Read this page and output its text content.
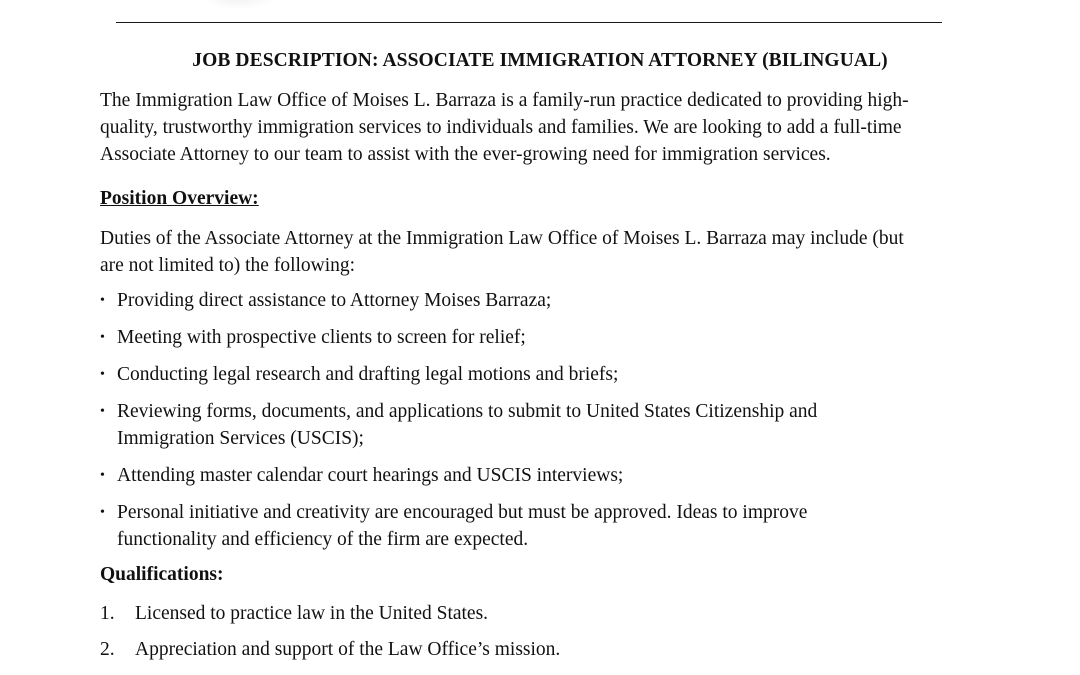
JOB DESCRIPTION: ASSOCIATE IMMIGRATION ATTORNEY (BILINGUAL)
The Immigration Law Office of Moises L. Barraza is a family-run practice dedicated to providing high-
quality, trustworthy immigration services to individuals and families. We are looking to add a full-time
Associate Attorney to our team to assist with the ever-growing need for immigration services.
Position Overview:
Duties of the Associate Attorney at the Immigration Law Office of Moises L. Barraza may include (but
are not limited to) the following:
• Providing direct assistance to Attorney Moises Barraza;
• Meeting with prospective clients to screen for relief;
• Conducting legal research and drafting legal motions and briefs;
• Reviewing forms, documents, and applications to submit to United States Citizenship and
Immigration Services (USCIS);
• Attending master calendar court hearings and USCIS interviews;
• Personal initiative and creativity are encouraged but must be approved. Ideas to improve
functionality and efficiency of the firm are expected.
Qualifications:
1. Licensed to practice law in the United States.
2. Appreciation and support of the Law Office’s mission.
